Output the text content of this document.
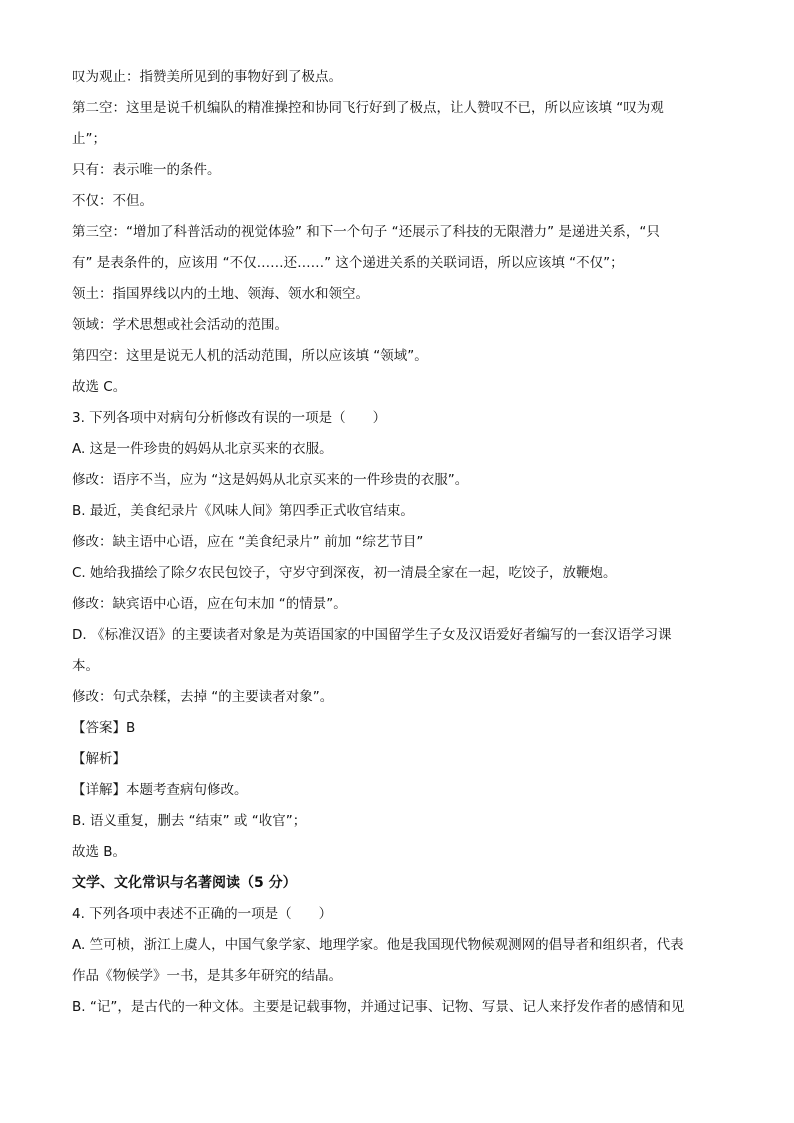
叹为观止：指赞美所见到的事物好到了极点。
第二空：这里是说千机编队的精准操控和协同飞行好到了极点，让人赞叹不已，所以应该填 “叹为观
止”；
只有：表示唯一的条件。
不仅：不但。
第三空：“增加了科普活动的视觉体验” 和下一个句子 “还展示了科技的无限潜力” 是递进关系，“只
有” 是表条件的，应该用 “不仅……还……” 这个递进关系的关联词语，所以应该填 “不仅”；
领土：指国界线以内的土地、领海、领水和领空。
领域：学术思想或社会活动的范围。
第四空：这里是说无人机的活动范围，所以应该填 “领域”。
故选 C。
3. 下列各项中对病句分析修改有误的一项是（　　）
A. 这是一件珍贵的妈妈从北京买来的衣服。
修改：语序不当，应为 “这是妈妈从北京买来的一件珍贵的衣服”。
B. 最近，美食纪录片《风味人间》第四季正式收官结束。
修改：缺主语中心语，应在 “美食纪录片” 前加 “综艺节目”
C. 她给我描绘了除夕农民包饺子，守岁守到深夜，初一清晨全家在一起，吃饺子，放鞭炮。
修改：缺宾语中心语，应在句末加 “的情景”。
D. 《标准汉语》的主要读者对象是为英语国家的中国留学生子女及汉语爱好者编写的一套汉语学习课
本。
修改：句式杂糅，去掉 “的主要读者对象”。
【答案】B
【解析】
【详解】本题考查病句修改。
B. 语义重复，删去 “结束” 或 “收官”；
故选 B。
文学、文化常识与名著阅读（5 分）
4. 下列各项中表述不正确的一项是（　　）
A. 竺可桢，浙江上虞人，中国气象学家、地理学家。他是我国现代物候观测网的倡导者和组织者，代表
作品《物候学》一书，是其多年研究的结晶。
B. “记”，是古代的一种文体。主要是记载事物，并通过记事、记物、写景、记人来抒发作者的感情和见
